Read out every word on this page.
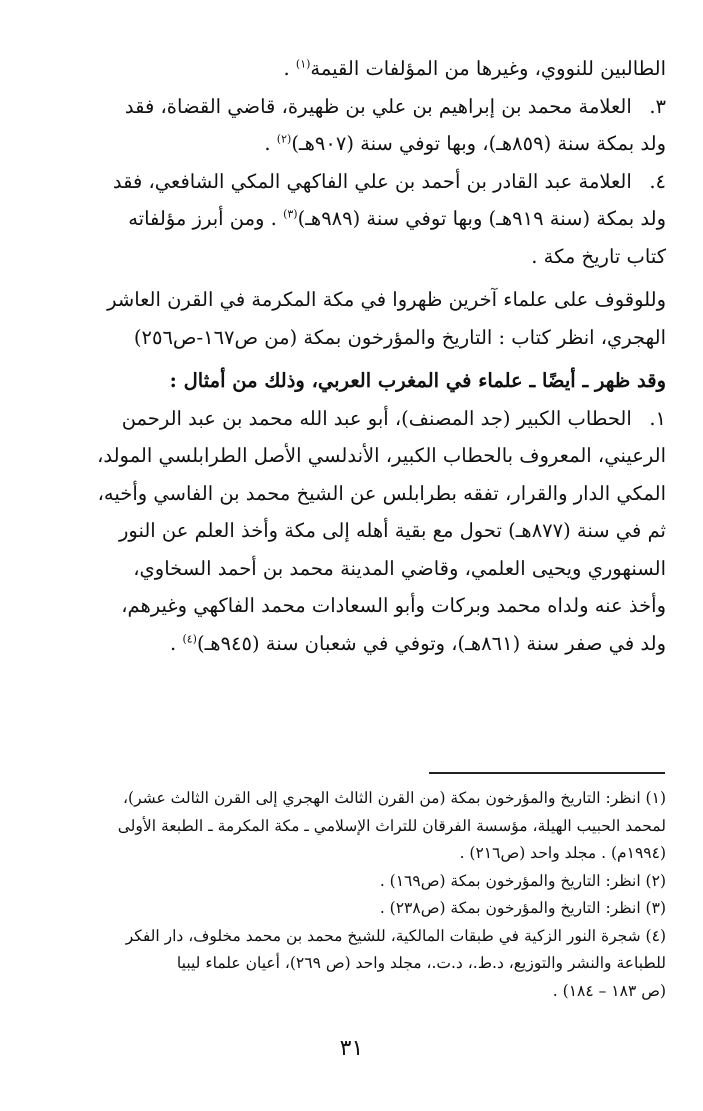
الطالبين للنووي، وغيرها من المؤلفات القيمة$^{(١)}$ .

٣. العلامة محمد بن إبراهيم بن علي بن ظهيرة، قاضي القضاة، فقد

ولد بمكة سنة (٨٥٩هـ)، وبها توفي سنة (٩٠٧هـ)$^{(٢)}$ .

٤. العلامة عبد القادر بن أحمد بن علي الفاكهي المكي الشافعي، فقد

ولد بمكة (سنة ٩١٩هـ) وبها توفي سنة (٩٨٩هـ)$^{(٣)}$ . ومن أبرز مؤلفاته

كتاب تاريخ مكة .

وللوقوف على علماء آخرين ظهروا في مكة المكرمة في القرن العاشر

الهجري، انظر كتاب : التاريخ والمؤرخون بمكة (من ص١٦٧-ص٢٥٦)

وقد ظهر ـ أيضًا ـ علماء في المغرب العربي، وذلك من أمثال :

١. الحطاب الكبير (جد المصنف)، أبو عبد الله محمد بن عبد الرحمن

الرعيني، المعروف بالحطاب الكبير، الأندلسي الأصل الطرابلسي المولد،

المكي الدار والقرار، تفقه بطرابلس عن الشيخ محمد بن الفاسي وأخيه،

ثم في سنة (٨٧٧هـ) تحول مع بقية أهله إلى مكة وأخذ العلم عن النور

السنهوري ويحيى العلمي، وقاضي المدينة محمد بن أحمد السخاوي،

وأخذ عنه ولداه محمد وبركات وأبو السعادات محمد الفاكهي وغيرهم،

ولد في صفر سنة (٨٦١هـ)، وتوفي في شعبان سنة (٩٤٥هـ)$^{(٤)}$ .

(١) انظر: التاريخ والمؤرخون بمكة (من القرن الثالث الهجري إلى القرن الثالث عشر)،

لمحمد الحبيب الهيلة، مؤسسة الفرقان للتراث الإسلامي ـ مكة المكرمة ـ الطبعة الأولى

(١٩٩٤م) . مجلد واحد (ص٢١٦) .

(٢) انظر: التاريخ والمؤرخون بمكة (ص١٦٩) .

(٣) انظر: التاريخ والمؤرخون بمكة (ص٢٣٨) .

(٤) شجرة النور الزكية في طبقات المالكية، للشيخ محمد بن محمد مخلوف، دار الفكر

للطباعة والنشر والتوزيع، د.ط.، د.ت.، مجلد واحد (ص ٢٦٩)، أعيان علماء ليبيا

(ص ١٨٣ – ١٨٤) .

٣١
